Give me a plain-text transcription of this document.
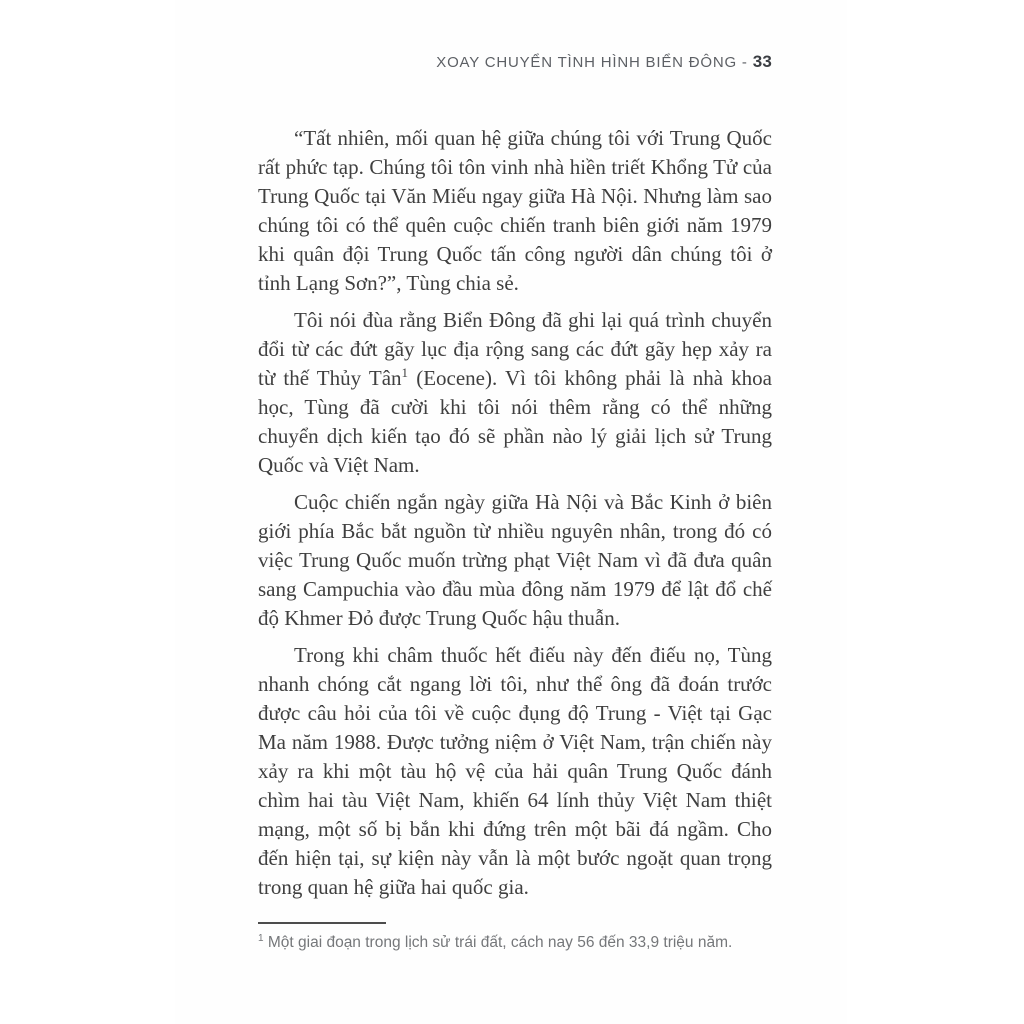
XOAY CHUYỂN TÌNH HÌNH BIỂN ĐÔNG - 33

“Tất nhiên, mối quan hệ giữa chúng tôi với Trung Quốc rất phức tạp. Chúng tôi tôn vinh nhà hiền triết Khổng Tử của Trung Quốc tại Văn Miếu ngay giữa Hà Nội. Nhưng làm sao chúng tôi có thể quên cuộc chiến tranh biên giới năm 1979 khi quân đội Trung Quốc tấn công người dân chúng tôi ở tỉnh Lạng Sơn?”, Tùng chia sẻ.

Tôi nói đùa rằng Biển Đông đã ghi lại quá trình chuyển đổi từ các đứt gãy lục địa rộng sang các đứt gãy hẹp xảy ra từ thế Thủy Tân$^1$ (Eocene). Vì tôi không phải là nhà khoa học, Tùng đã cười khi tôi nói thêm rằng có thể những chuyển dịch kiến tạo đó sẽ phần nào lý giải lịch sử Trung Quốc và Việt Nam.

Cuộc chiến ngắn ngày giữa Hà Nội và Bắc Kinh ở biên giới phía Bắc bắt nguồn từ nhiều nguyên nhân, trong đó có việc Trung Quốc muốn trừng phạt Việt Nam vì đã đưa quân sang Campuchia vào đầu mùa đông năm 1979 để lật đổ chế độ Khmer Đỏ được Trung Quốc hậu thuẫn.

Trong khi châm thuốc hết điếu này đến điếu nọ, Tùng nhanh chóng cắt ngang lời tôi, như thể ông đã đoán trước được câu hỏi của tôi về cuộc đụng độ Trung - Việt tại Gạc Ma năm 1988. Được tưởng niệm ở Việt Nam, trận chiến này xảy ra khi một tàu hộ vệ của hải quân Trung Quốc đánh chìm hai tàu Việt Nam, khiến 64 lính thủy Việt Nam thiệt mạng, một số bị bắn khi đứng trên một bãi đá ngầm. Cho đến hiện tại, sự kiện này vẫn là một bước ngoặt quan trọng trong quan hệ giữa hai quốc gia.

$^1$ Một giai đoạn trong lịch sử trái đất, cách nay 56 đến 33,9 triệu năm.
